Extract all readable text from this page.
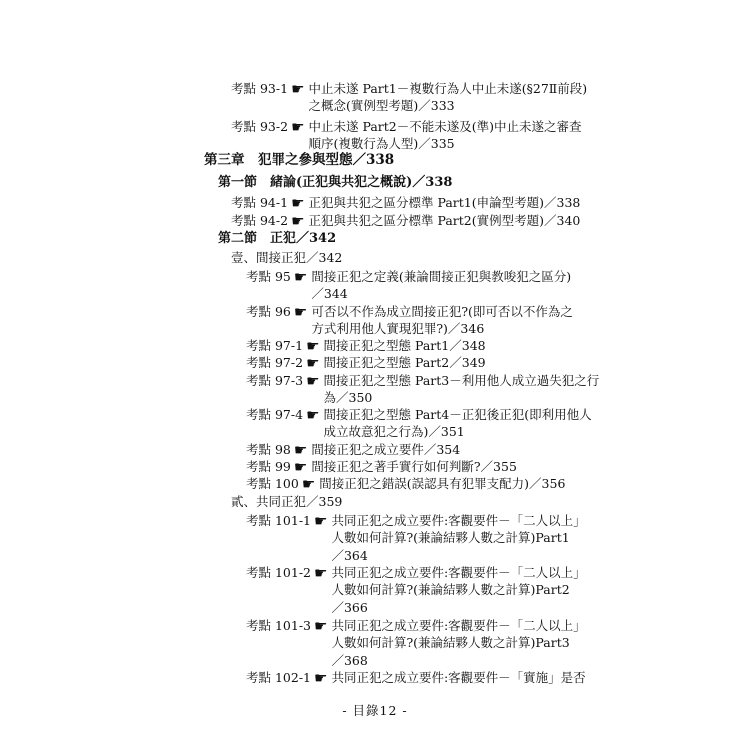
考點 93-1 ☛ 中止未遂 Part1－複數行為人中止未遂(§27Ⅱ前段)
之概念(實例型考題)／333
考點 93-2 ☛ 中止未遂 Part2－不能未遂及(準)中止未遂之審查
順序(複數行為人型)／335
第三章　犯罪之參與型態／338
第一節　緒論(正犯與共犯之概說)／338
考點 94-1 ☛ 正犯與共犯之區分標準 Part1(申論型考題)／338
考點 94-2 ☛ 正犯與共犯之區分標準 Part2(實例型考題)／340
第二節　正犯／342
壹、間接正犯／342
考點 95 ☛ 間接正犯之定義(兼論間接正犯與教唆犯之區分)
／344
考點 96 ☛ 可否以不作為成立間接正犯?(即可否以不作為之
方式利用他人實現犯罪?)／346
考點 97-1 ☛ 間接正犯之型態 Part1／348
考點 97-2 ☛ 間接正犯之型態 Part2／349
考點 97-3 ☛ 間接正犯之型態 Part3－利用他人成立過失犯之行
為／350
考點 97-4 ☛ 間接正犯之型態 Part4－正犯後正犯(即利用他人
成立故意犯之行為)／351
考點 98 ☛ 間接正犯之成立要件／354
考點 99 ☛ 間接正犯之著手實行如何判斷?／355
考點 100 ☛ 間接正犯之錯誤(誤認具有犯罪支配力)／356
貳、共同正犯／359
考點 101-1 ☛ 共同正犯之成立要件:客觀要件－「二人以上」
人數如何計算?(兼論結夥人數之計算)Part1
／364
考點 101-2 ☛ 共同正犯之成立要件:客觀要件－「二人以上」
人數如何計算?(兼論結夥人數之計算)Part2
／366
考點 101-3 ☛ 共同正犯之成立要件:客觀要件－「二人以上」
人數如何計算?(兼論結夥人數之計算)Part3
／368
考點 102-1 ☛ 共同正犯之成立要件:客觀要件－「實施」是否
- 目錄12 -
